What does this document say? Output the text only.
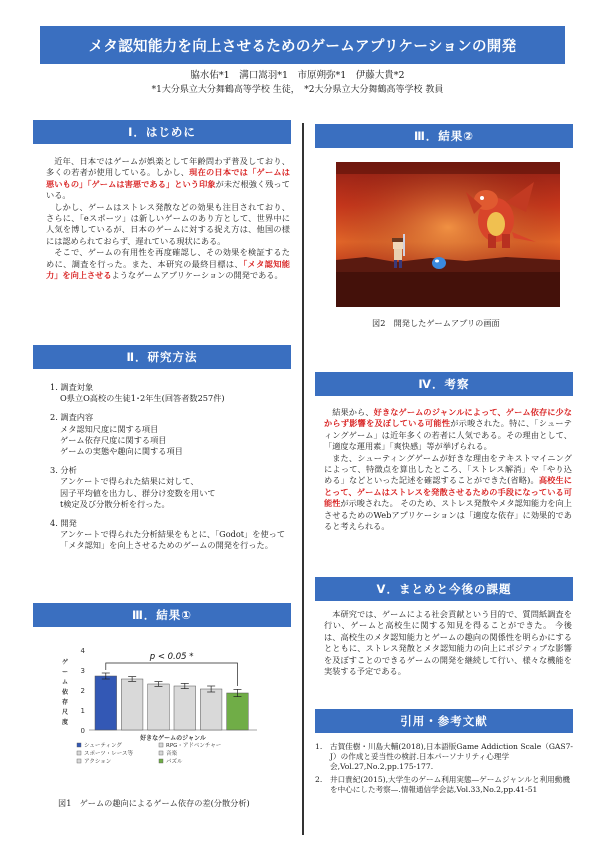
メタ認知能力を向上させるためのゲームアプリケーションの開発
脇水佑*1　溝口嵩羽*1　市原朔弥*1　伊藤大貴*2
*1大分県立大分舞鶴高等学校 生徒，　*2大分県立大分舞鶴高等学校 教員
Ⅰ．はじめに

近年、日本ではゲームが娯楽として年齢問わず普及しており、多くの若者が使用している。しかし、現在の日本では「ゲームは悪いもの」「ゲームは害悪である」という印象が未だ根強く残っている。

しかし、ゲームはストレス発散などの効果も注目されており、さらに、「eスポーツ」は新しいゲームのあり方として、世界中に人気を博しているが、日本のゲームに対する捉え方は、他国の様には認められておらず、遅れている現状にある。

そこで、ゲームの有用性を再度確認し、その効果を検証するために、調査を行った。また、本研究の最終目標は、「メタ認知能力」を向上させるようなゲームアプリケーションの開発である。

Ⅱ．研究方法
1. 調査対象
O県立O高校の生徒1･2年生(回答者数257件)
2. 調査内容
メタ認知尺度に関する項目
ゲーム依存尺度に関する項目
ゲームの実態や趣向に関する項目
3. 分析
アンケートで得られた結果に対して、
因子平均値を出力し、群分け変数を用いて
t検定及び分散分析を行った。
4. 開発
アンケートで得られた分析結果をもとに、「Godot」を使って「メタ認知」を向上させるためのゲームの開発を行った。
Ⅲ．結果①
0
1
2
3
4
ゲ
ー
ム
依
存
尺
度
p < 0.05 *
好きなゲームのジャンル
シューティング	RPG・アドベンチャー
スポーツ・レース等	音楽
アクション	パズル
図1　ゲームの趣向によるゲーム依存の差(分散分析)
Ⅲ．結果②
図2　開発したゲームアプリの画面
Ⅳ．考察

結果から、好きなゲームのジャンルによって、ゲーム依存に少なからず影響を及ぼしている可能性が示唆された。特に、「シューティングゲーム」は近年多くの若者に人気である。その理由として、「適度な運用素」「爽快感」等が挙げられる。

また、シューティングゲームが好きな理由をテキストマイニングによって、特徴点を算出したところ、「ストレス解消」や「やり込める」などといった記述を確認することができた(省略)。高校生にとって、ゲームはストレスを発散させるための手段になっている可能性が示唆された。 そのため、ストレス発散やメタ認知能力を向上させるためのWebアプリケーションは「適度な依存」に効果的であると考えられる。

Ⅴ．まとめと今後の課題

本研究では、ゲームによる社会貢献という目的で、質問紙調査を行い、ゲームと高校生に関する知見を得ることができた。 今後は、高校生のメタ認知能力とゲームの趣向の関係性を明らかにするとともに、ストレス発散とメタ認知能力の向上にポジティブな影響を及ぼすことのできるゲームの開発を継続して行い、様々な機能を実装する予定である。

引用・参考文献
1.	古賀佳樹・川島大輔(2018),日本語版Game Addiction Scale（GAS7-J）の作成と妥当性の検討.日本パーソナリティ心理学会,Vol.27,No.2,pp.175-177.
2.	井口貴紀(2015),大学生のゲーム利用実態—ゲームジャンルと利用動機を中心にした考察—.情報通信学会誌,Vol.33,No.2,pp.41-51
